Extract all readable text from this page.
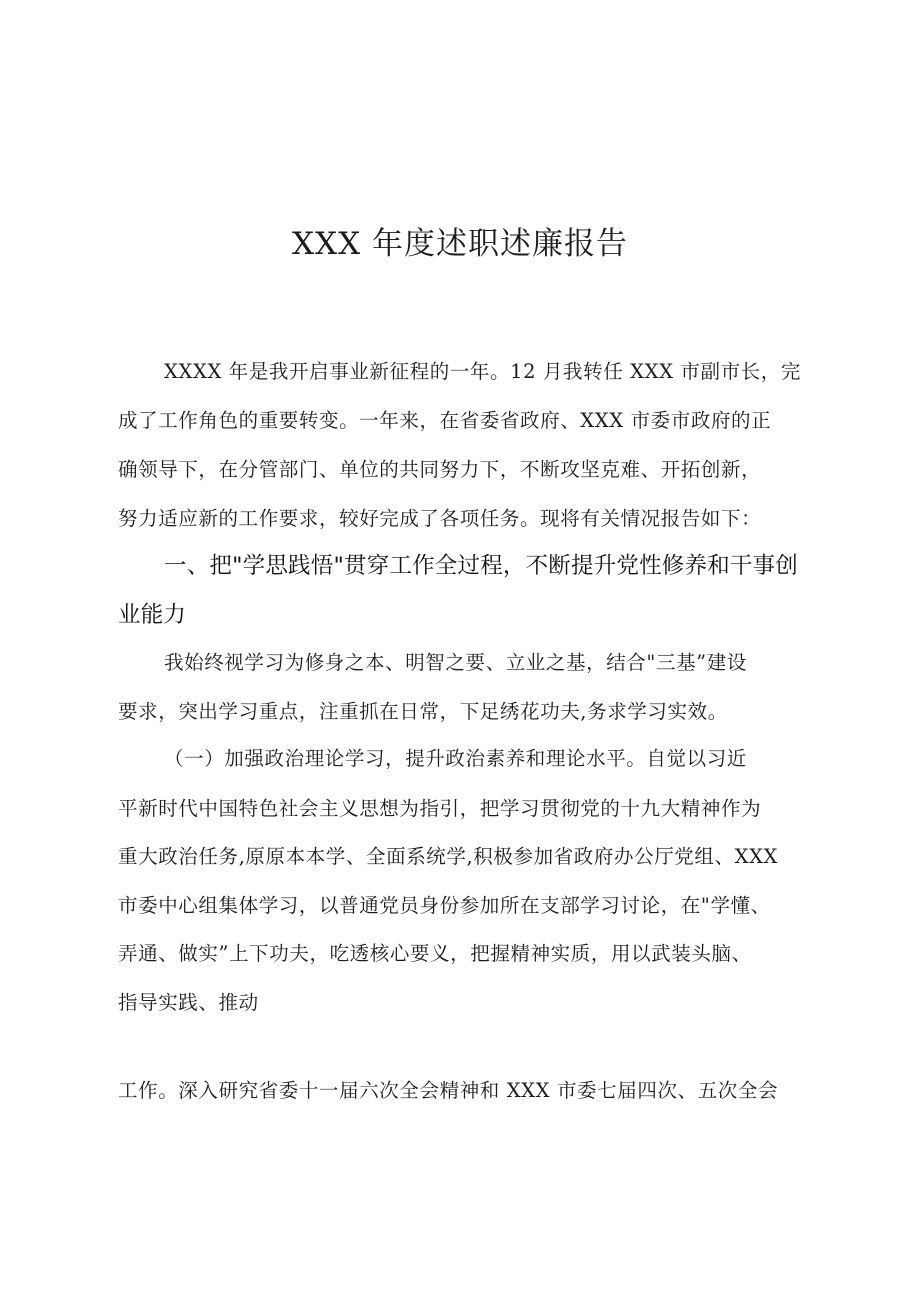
XXX 年度述职述廉报告
XXXX 年是我开启事业新征程的一年。12 月我转任 XXX 市副市长，完
成了工作角色的重要转变。一年来，在省委省政府、XXX 市委市政府的正
确领导下，在分管部门、单位的共同努力下，不断攻坚克难、开拓创新，
努力适应新的工作要求，较好完成了各项任务。现将有关情况报告如下：
一、把"学思践悟"贯穿工作全过程，不断提升党性修养和干事创
业能力
我始终视学习为修身之本、明智之要、立业之基，结合"三基”建设
要求，突出学习重点，注重抓在日常，下足绣花功夫,务求学习实效。
（一）加强政治理论学习，提升政治素养和理论水平。自觉以习近
平新时代中国特色社会主义思想为指引，把学习贯彻党的十九大精神作为
重大政治任务,原原本本学、全面系统学,积极参加省政府办公厅党组、XXX
市委中心组集体学习，以普通党员身份参加所在支部学习讨论，在"学懂、
弄通、做实”上下功夫，吃透核心要义，把握精神实质，用以武装头脑、
指导实践、推动
工作。深入研究省委十一届六次全会精神和 XXX 市委七届四次、五次全会
